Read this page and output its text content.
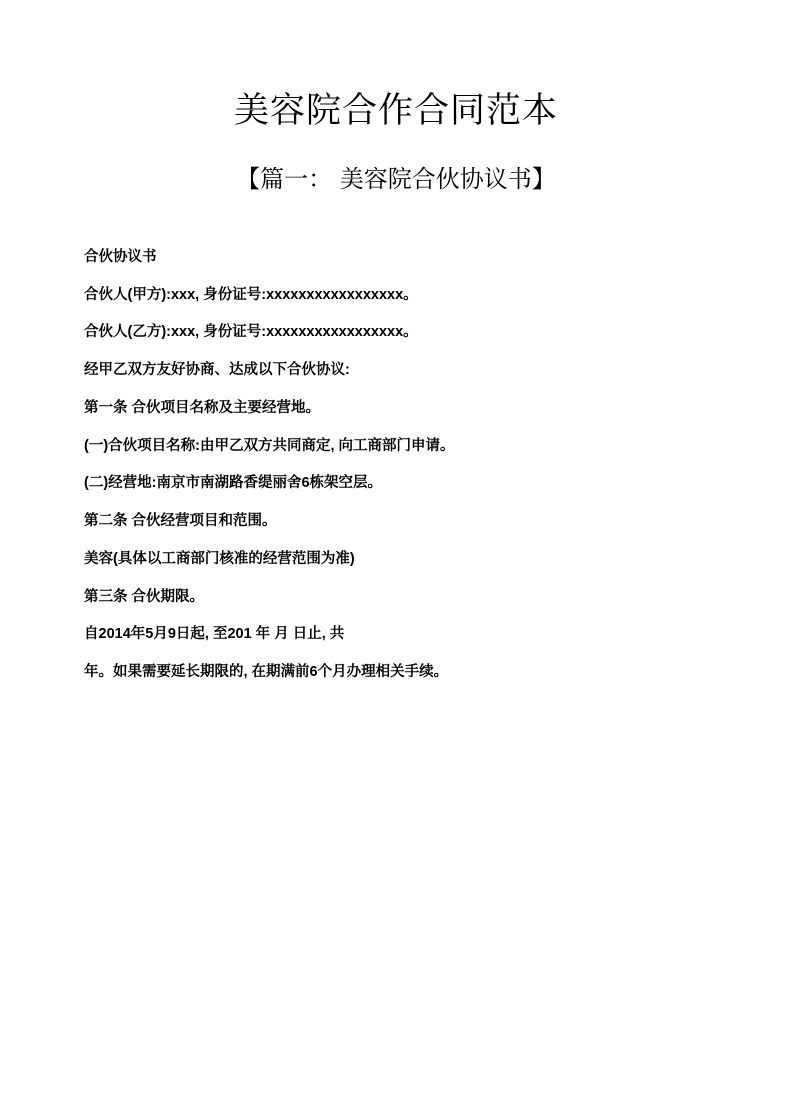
美容院合作合同范本
【篇一： 美容院合伙协议书】

合伙协议书

合伙人(甲方):xxx, 身份证号:xxxxxxxxxxxxxxxxx。

合伙人(乙方):xxx, 身份证号:xxxxxxxxxxxxxxxxx。

经甲乙双方友好协商、达成以下合伙协议:

第一条 合伙项目名称及主要经营地。

(一)合伙项目名称:由甲乙双方共同商定, 向工商部门申请。

(二)经营地:南京市南湖路香缇丽舍6栋架空层。

第二条 合伙经营项目和范围。

美容(具体以工商部门核准的经营范围为准)

第三条 合伙期限。

自2014年5月9日起, 至201 年 月 日止, 共

年。如果需要延长期限的, 在期满前6个月办理相关手续。
